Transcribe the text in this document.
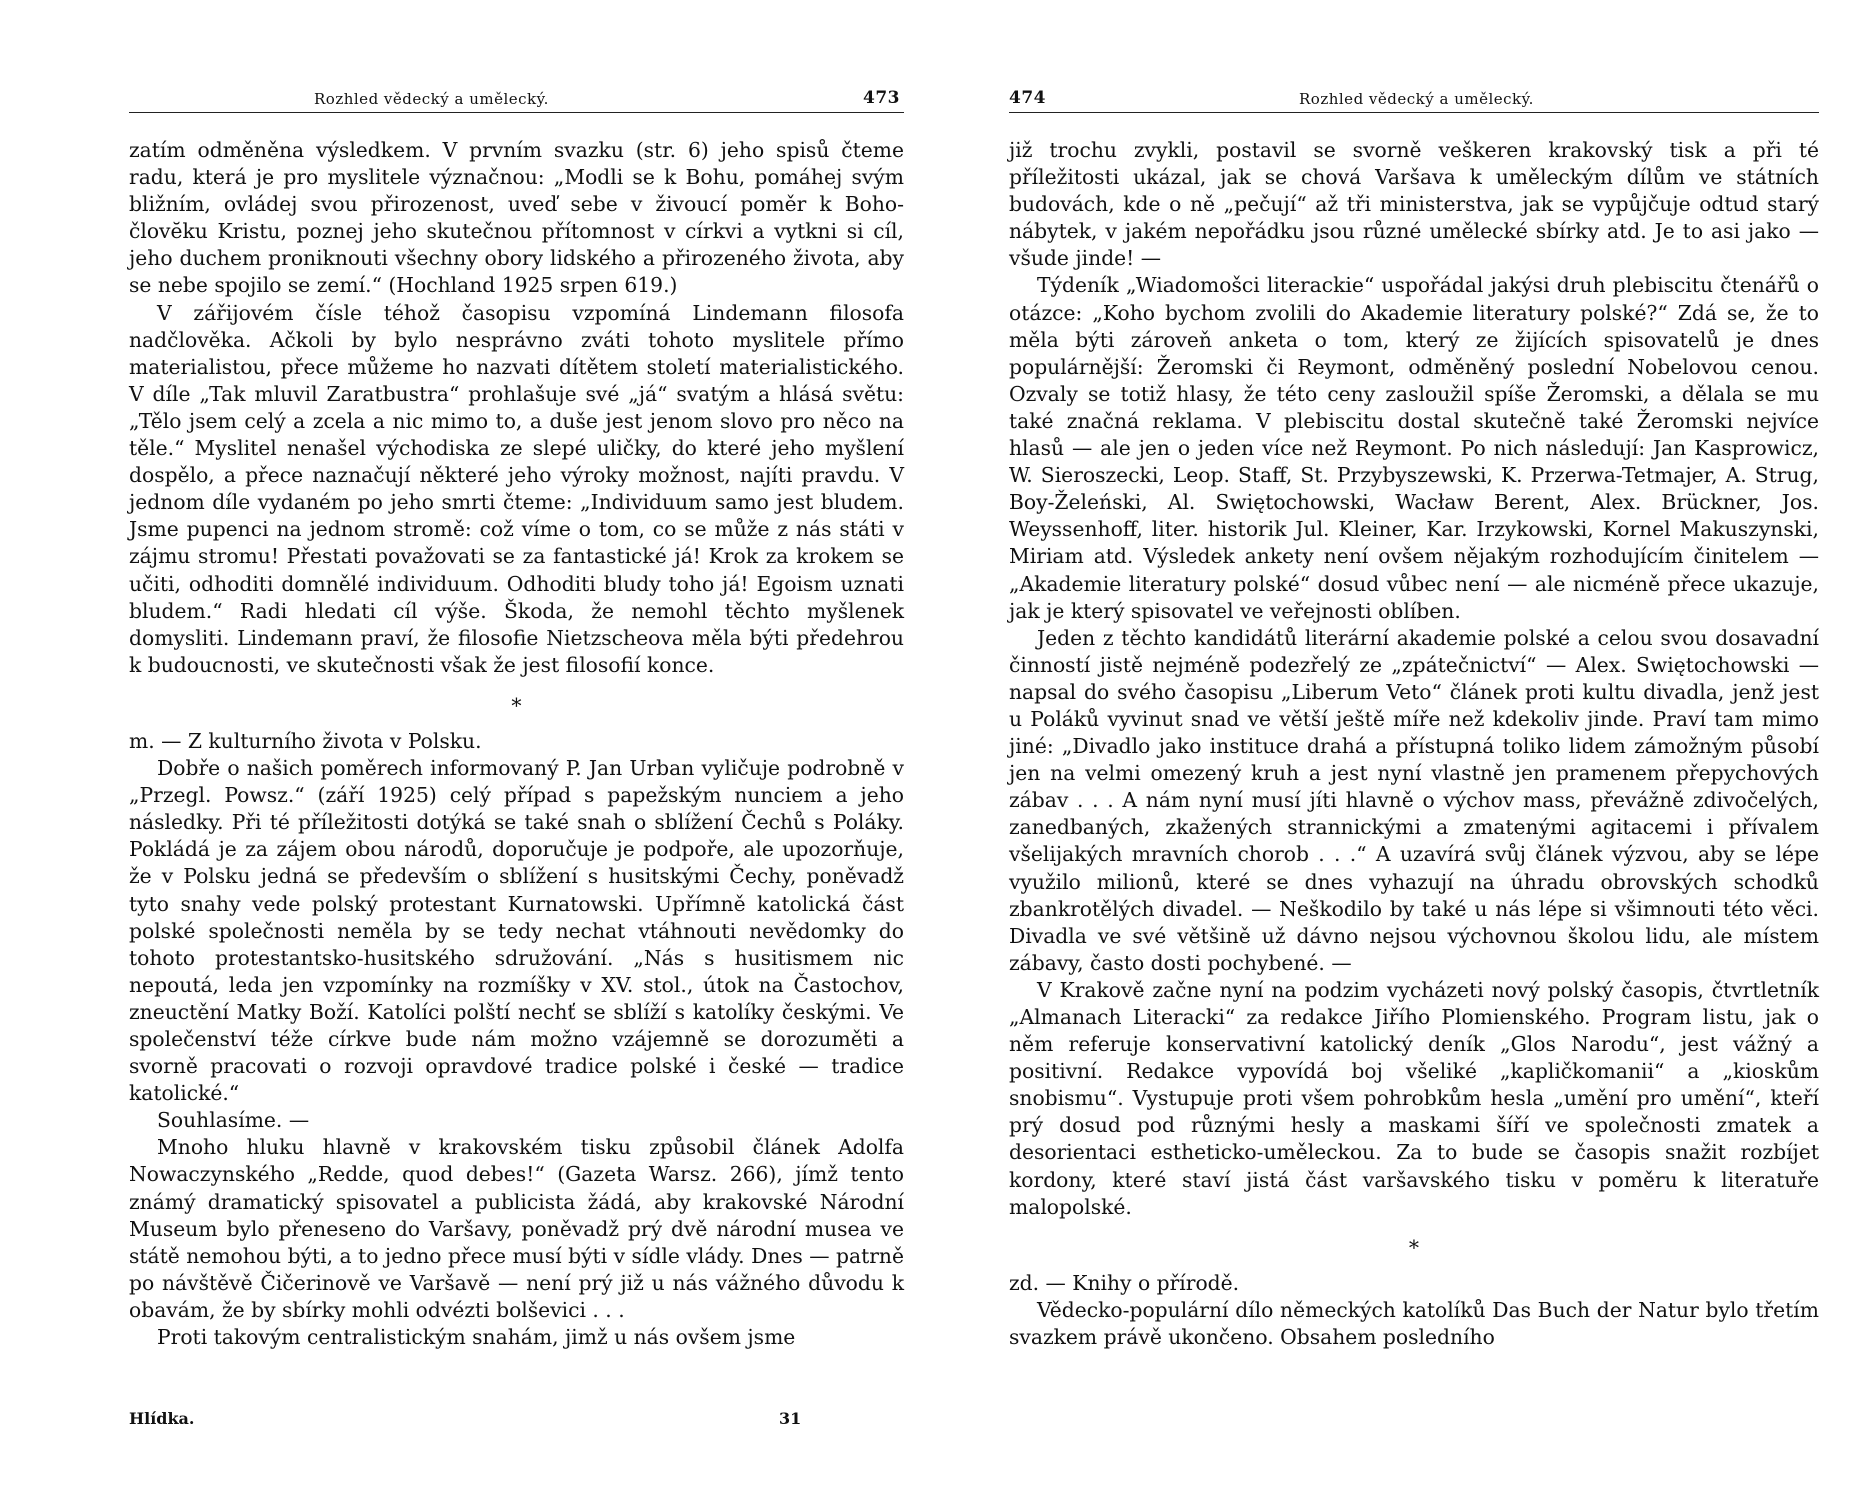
Rozhled vědecký a umělecký.	473

zatím odměněna výsledkem. V prvním svazku (str. 6) jeho spisů čteme radu, která je pro myslitele význačnou: „Modli se k Bohu, pomáhej svým bližním, ovládej svou přirozenost, uveď sebe v živoucí poměr k Boho-človĕku Kristu, poznej jeho skutečnou přítomnost v církvi a vytkni si cíl, jeho duchem proniknouti všechny obory lidského a přirozeného života, aby se nebe spojilo se zemí.“ (Hochland 1925 srpen 619.)

V zářijovém čísle téhož časopisu vzpomíná Lindemann filosofa nadčlověka. Ačkoli by bylo nesprávno zváti tohoto myslitele přímo materialistou, přece můžeme ho nazvati dítětem století materialistického. V díle „Tak mluvil Zaratbustra“ prohlašuje své „já“ svatým a hlásá světu: „Tělo jsem celý a zcela a nic mimo to, a duše jest jenom slovo pro něco na těle.“ Myslitel nenašel východiska ze slepé uličky, do které jeho myšlení dospělo, a přece naznačují některé jeho výroky možnost, najíti pravdu. V jednom díle vydaném po jeho smrti čteme: „Individuum samo jest bludem. Jsme pupenci na jednom stromě: což víme o tom, co se může z nás státi v zájmu stromu! Přestati považovati se za fantastické já! Krok za krokem se učiti, odhoditi domnělé individuum. Odhoditi bludy toho já! Egoism uznati bludem.“ Radi hledati cíl výše. Škoda, že nemohl těchto myšlenek domysliti. Lindemann praví, že filosofie Nietzscheova měla býti předehrou k budoucnosti, ve skutečnosti však že jest filosofií konce.

*

m. — Z kulturního života v Polsku.

Dobře o našich poměrech informovaný P. Jan Urban vyličuje podrobně v „Przegl. Powsz.“ (září 1925) celý případ s papežským nunciem a jeho následky. Při té příležitosti dotýká se také snah o sblížení Čechů s Poláky. Pokládá je za zájem obou národů, doporučuje je podpoře, ale upozorňuje, že v Polsku jedná se především o sblížení s husitskými Čechy, poněvadž tyto snahy vede polský protestant Kurnatowski. Upřímně katolická část polské společnosti neměla by se tedy nechat vtáhnouti nevědomky do tohoto protestantsko-husitského sdružování. „Nás s husitismem nic nepoutá, leda jen vzpomínky na rozmíšky v XV. stol., útok na Častochov, zneuctění Matky Boží. Katolíci polští nechť se sblíží s katolíky českými. Ve společenství téže církve bude nám možno vzájemně se dorozuměti a svorně pracovati o rozvoji opravdové tradice polské i české — tradice katolické.“

Souhlasíme. —

Mnoho hluku hlavně v krakovském tisku způsobil článek Adolfa Nowaczynského „Redde, quod debes!“ (Gazeta Warsz. 266), jímž tento známý dramatický spisovatel a publicista žádá, aby krakovské Národní Museum bylo přeneseno do Varšavy, poněvadž prý dvě národní musea ve státě nemohou býti, a to jedno přece musí býti v sídle vlády. Dnes — patrně po návštěvě Čičerinově ve Varšavě — není prý již u nás vážného důvodu k obavám, že by sbírky mohli odvézti bolševici . . .

Proti takovým centralistickým snahám, jimž u nás ovšem jsme

Hlídka.	31
474	Rozhled vědecký a umělecký.

již trochu zvykli, postavil se svorně veškeren krakovský tisk a při té příležitosti ukázal, jak se chová Varšava k uměleckým dílům ve státních budovách, kde o ně „pečují“ až tři ministerstva, jak se vypůjčuje odtud starý nábytek, v jakém nepořádku jsou různé umělecké sbírky atd. Je to asi jako — všude jinde! —

Týdeník „Wiadomošci literackie“ uspořádal jakýsi druh plebiscitu čtenářů o otázce: „Koho bychom zvolili do Akademie literatury polské?“ Zdá se, že to měla býti zároveň anketa o tom, který ze žijících spisovatelů je dnes populárnější: Žeromski či Reymont, odměněný poslední Nobelovou cenou. Ozvaly se totiž hlasy, že této ceny zasloužil spíše Žeromski, a dělala se mu také značná reklama. V plebiscitu dostal skutečně také Žeromski nejvíce hlasů — ale jen o jeden více než Reymont. Po nich následují: Jan Kasprowicz, W. Sieroszecki, Leop. Staff, St. Przybyszewski, K. Przerwa-Tetmajer, A. Strug, Boy-Želeński, Al. Swiętochowski, Wacław Berent, Alex. Brückner, Jos. Weyssenhoff, liter. historik Jul. Kleiner, Kar. Irzykowski, Kornel Makuszynski, Miriam atd. Výsledek ankety není ovšem nějakým rozhodujícím činitelem — „Akademie literatury polské“ dosud vůbec není — ale nicméně přece ukazuje, jak je který spisovatel ve veřejnosti oblíben.

Jeden z těchto kandidátů literární akademie polské a celou svou dosavadní činností jistě nejméně podezřelý ze „zpátečnictví“ — Alex. Swiętochowski — napsal do svého časopisu „Liberum Veto“ článek proti kultu divadla, jenž jest u Poláků vyvinut snad ve větší ještě míře než kdekoliv jinde. Praví tam mimo jiné: „Divadlo jako instituce drahá a přístupná toliko lidem zámožným působí jen na velmi omezený kruh a jest nyní vlastně jen pramenem přepychových zábav . . . A nám nyní musí jíti hlavně o výchov mass, převážně zdivočelých, zanedbaných, zkažených strannickými a zmatenými agitacemi i přívalem všelijakých mravních chorob . . .“ A uzavírá svůj článek výzvou, aby se lépe využilo milionů, které se dnes vyhazují na úhradu obrovských schodků zbankrotělých divadel. — Neškodilo by také u nás lépe si všimnouti této věci. Divadla ve své většině už dávno nejsou výchovnou školou lidu, ale místem zábavy, často dosti pochybené. —

V Krakově začne nyní na podzim vycházeti nový polský časopis, čtvrtletník „Almanach Literacki“ za redakce Jiřího Plomienského. Program listu, jak o něm referuje konservativní katolický deník „Glos Narodu“, jest vážný a positivní. Redakce vypovídá boj všeliké „kapličkomanii“ a „kioskům snobismu“. Vystupuje proti všem pohrobkům hesla „umění pro umění“, kteří prý dosud pod různými hesly a maskami šíří ve společnosti zmatek a desorientaci estheticko-uměleckou. Za to bude se časopis snažit rozbíjet kordony, které staví jistá část varšavského tisku v poměru k literatuře malopolské.

*

zd. — Knihy o přírodě.

Vědecko-populární dílo německých katolíků Das Buch der Natur bylo třetím svazkem právě ukončeno. Obsahem posledního
